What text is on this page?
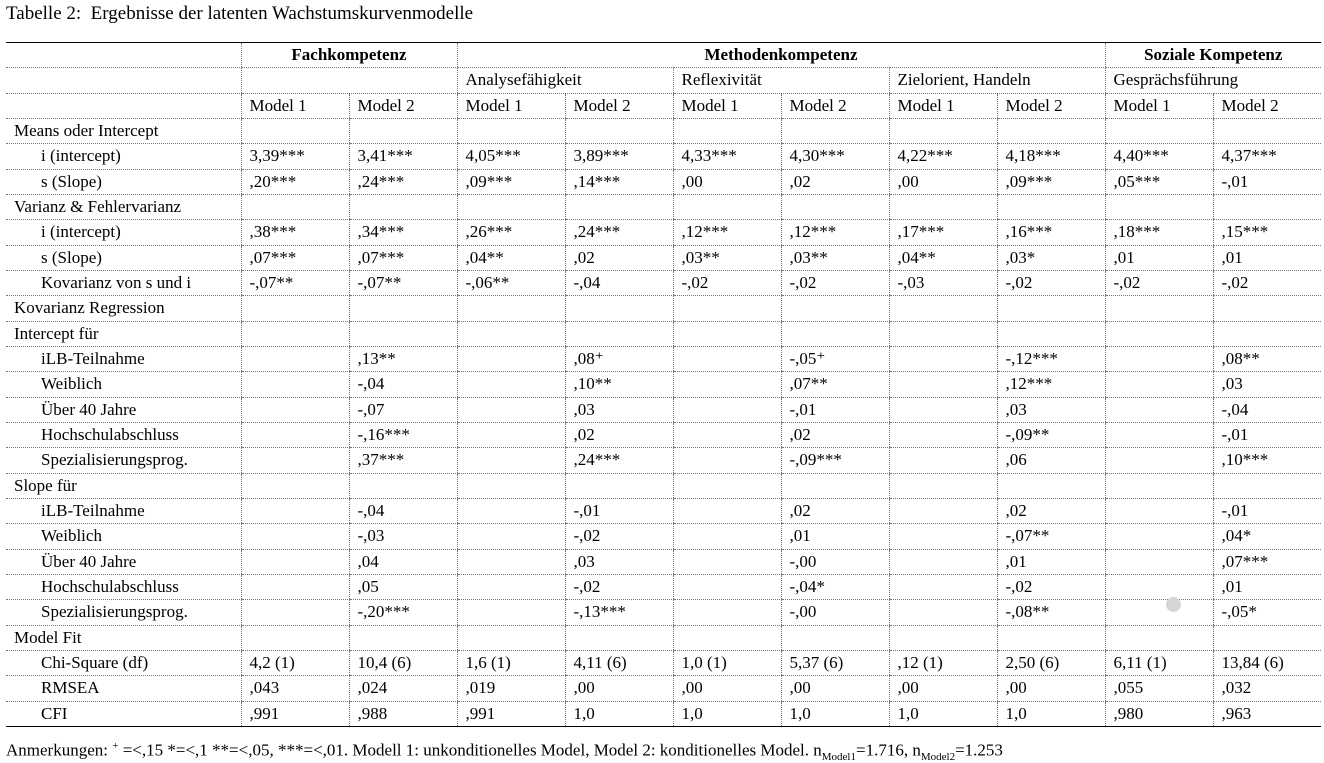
Tabelle 2:  Ergebnisse der latenten Wachstumskurvenmodelle
	Fachkompetenz		Methodenkompetenz						Soziale Kompetenz	
			Analysefähigkeit		Reflexivität		Zielorient, Handeln		Gesprächsführung	
	Model 1	Model 2	Model 1	Model 2	Model 1	Model 2	Model 1	Model 2	Model 1	Model 2
Means oder Intercept										
i (intercept)	3,39***	3,41***	4,05***	3,89***	4,33***	4,30***	4,22***	4,18***	4,40***	4,37***
s (Slope)	,20***	,24***	,09***	,14***	,00	,02	,00	,09***	,05***	-,01
Varianz & Fehlervarianz										
i (intercept)	,38***	,34***	,26***	,24***	,12***	,12***	,17***	,16***	,18***	,15***
s (Slope)	,07***	,07***	,04**	,02	,03**	,03**	,04**	,03*	,01	,01
Kovarianz von s und i	-,07**	-,07**	-,06**	-,04	-,02	-,02	-,03	-,02	-,02	-,02
Kovarianz Regression										
Intercept für										
iLB-Teilnahme		,13**		,08⁺		-,05⁺		-,12***		,08**
Weiblich		-,04		,10**		,07**		,12***		,03
Über 40 Jahre		-,07		,03		-,01		,03		-,04
Hochschulabschluss		-,16***		,02		,02		-,09**		-,01
Spezialisierungsprog.		,37***		,24***		-,09***		,06		,10***
Slope für										
iLB-Teilnahme		-,04		-,01		,02		,02		-,01
Weiblich		-,03		-,02		,01		-,07**		,04*
Über 40 Jahre		,04		,03		-,00		,01		,07***
Hochschulabschluss		,05		-,02		-,04*		-,02		,01
Spezialisierungsprog.		-,20***		-,13***		-,00		-,08**		-,05*
Model Fit										
Chi-Square (df)	4,2 (1)	10,4 (6)	1,6 (1)	4,11 (6)	1,0 (1)	5,37 (6)	,12 (1)	2,50 (6)	6,11 (1)	13,84 (6)
RMSEA	,043	,024	,019	,00	,00	,00	,00	,00	,055	,032
CFI	,991	,988	,991	1,0	1,0	1,0	1,0	1,0	,980	,963
Anmerkungen: + =<,15 *=<,1 **=<,05, ***=<,01. Modell 1: unkonditionelles Model, Model 2: konditionelles Model. $n_{Model1}=1.716$, $n_{Model2}=1.253$
